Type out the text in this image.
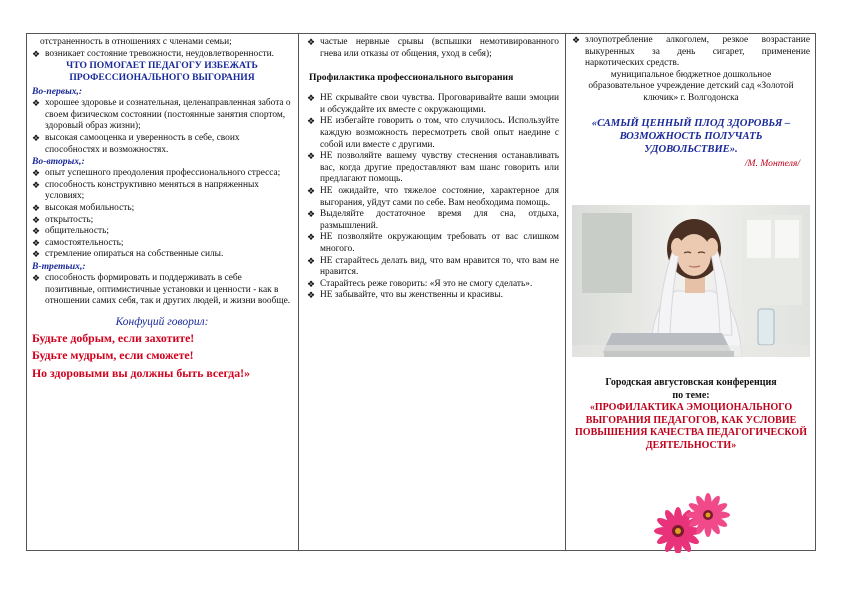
отстраненность в отношениях с членами семьи;
❖ возникает состояние тревожности, неудовлетворенности.
ЧТО ПОМОГАЕТ ПЕДАГОГУ ИЗБЕЖАТЬ ПРОФЕССИОНАЛЬНОГО ВЫГОРАНИЯ
Во-первых,:
❖ хорошее здоровье и сознательная, целенаправленная забота о своем физическом состоянии (постоянные занятия спортом, здоровый образ жизни);
❖ высокая самооценка и уверенность в себе, своих способностях и возможностях.
Во-вторых,:
❖ опыт успешного преодоления профессионального стресса;
❖ способность конструктивно меняться в напряженных условиях;
❖ высокая мобильность;
❖ открытость;
❖ общительность;
❖ самостоятельность;
❖ стремление опираться на собственные силы.
В-третьих,:
❖ способность формировать и поддерживать в себе позитивные, оптимистичные установки и ценности - как в отношении самих себя, так и других людей, и жизни вообще.
Конфуций говорил:
Будьте добрым, если захотите!
Будьте мудрым, если сможете!
Но здоровыми вы должны быть всегда!»
❖ частые нервные срывы (вспышки немотивированного гнева или отказы от общения, уход в себя);
Профилактика профессионального выгорания
❖ НЕ скрывайте свои чувства. Проговаривайте ваши эмоции и обсуждайте их вместе с окружающими.
❖ НЕ избегайте говорить о том, что случилось. Используйте каждую возможность пересмотреть свой опыт наедине с собой или вместе с другими.
❖ НЕ позволяйте вашему чувству стеснения останавливать вас, когда другие предоставляют вам шанс говорить или предлагают помощь.
❖ НЕ ожидайте, что тяжелое состояние, характерное для выгорания, уйдут сами по себе. Вам необходима помощь.
❖ Выделяйте достаточное время для сна, отдыха, размышлений.
❖ НЕ позволяйте окружающим требовать от вас слишком многого.
❖ НЕ старайтесь делать вид, что вам нравится то, что вам не нравится.
❖ Старайтесь реже говорить: «Я это не смогу сделать».
❖ НЕ забывайте, что вы женственны и красивы.
❖ злоупотребление алкоголем, резкое возрастание выкуренных за день сигарет, применение наркотических средств.
муниципальное бюджетное дошкольное образовательное учреждение детский сад «Золотой ключик» г. Волгодонска
«САМЫЙ ЦЕННЫЙ ПЛОД ЗДОРОВЬЯ – ВОЗМОЖНОСТЬ ПОЛУЧАТЬ УДОВОЛЬСТВИЕ».
/М. Монтеля/
Городская августовская конференция
по теме:
«ПРОФИЛАКТИКА ЭМОЦИОНАЛЬНОГО ВЫГОРАНИЯ ПЕДАГОГОВ, КАК УСЛОВИЕ ПОВЫШЕНИЯ КАЧЕСТВА ПЕДАГОГИЧЕСКОЙ ДЕЯТЕЛЬНОСТИ»
